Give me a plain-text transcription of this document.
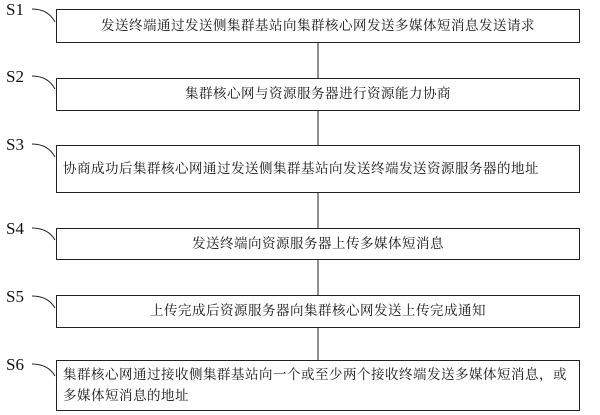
S1
S2
S3
S4
S5
S6
发送终端通过发送侧集群基站向集群核心网发送多媒体短消息发送请求
集群核心网与资源服务器进行资源能力协商
协商成功后集群核心网通过发送侧集群基站向发送终端发送资源服务器的地址
发送终端向资源服务器上传多媒体短消息
上传完成后资源服务器向集群核心网发送上传完成通知
集群核心网通过接收侧集群基站向一个或至少两个接收终端发送多媒体短消息，或多媒体短消息的地址
